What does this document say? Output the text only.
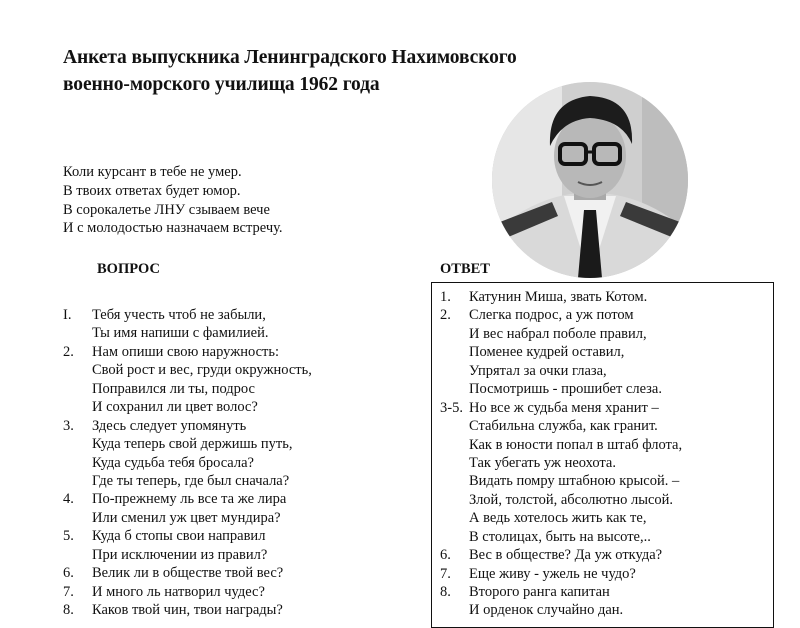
Анкета выпускника Ленинградского Нахимовского
военно-морского училища 1962 года
Коли курсант в тебе не умер.
В твоих ответах будет юмор.
В сорокалетье ЛНУ сзываем вече
И с молодостью назначаем встречу.
ВОПРОС	ОТВЕТ
I. Тебя учесть чтоб не забыли,
Ты имя напиши с фамилией.
2. Нам опиши свою наружность:
Свой рост и вес, груди окружность,
Поправился ли ты, подрос
И сохранил ли цвет волос?
3. Здесь следует упомянуть
Куда теперь свой держишь путь,
Куда судьба тебя бросала?
Где ты теперь, где был сначала?
4. По-прежнему ль все та же лира
Или сменил уж цвет мундира?
5. Куда б стопы свои направил
При исключении из правил?
6. Велик ли в обществе твой вес?
7. И много ль натворил чудес?
8. Каков твой чин, твои награды?
1. Катунин Миша, звать Котом.
2. Слегка подрос, а уж потом
И вес набрал поболе правил,
Поменее кудрей оставил,
Упрятал за очки глаза,
Посмотришь - прошибет слеза.
3-5. Но все ж судьба меня хранит –
Стабильна служба, как гранит.
Как в юности попал в штаб флота,
Так убегать уж неохота.
Видать помру штабною крысой. –
Злой, толстой, абсолютно лысой.
А ведь хотелось жить как те,
В столицах, быть на высоте,..
6. Вес в обществе? Да уж откуда?
7. Еще живу - ужель не чудо?
8. Второго ранга капитан
И орденок случайно дан.
